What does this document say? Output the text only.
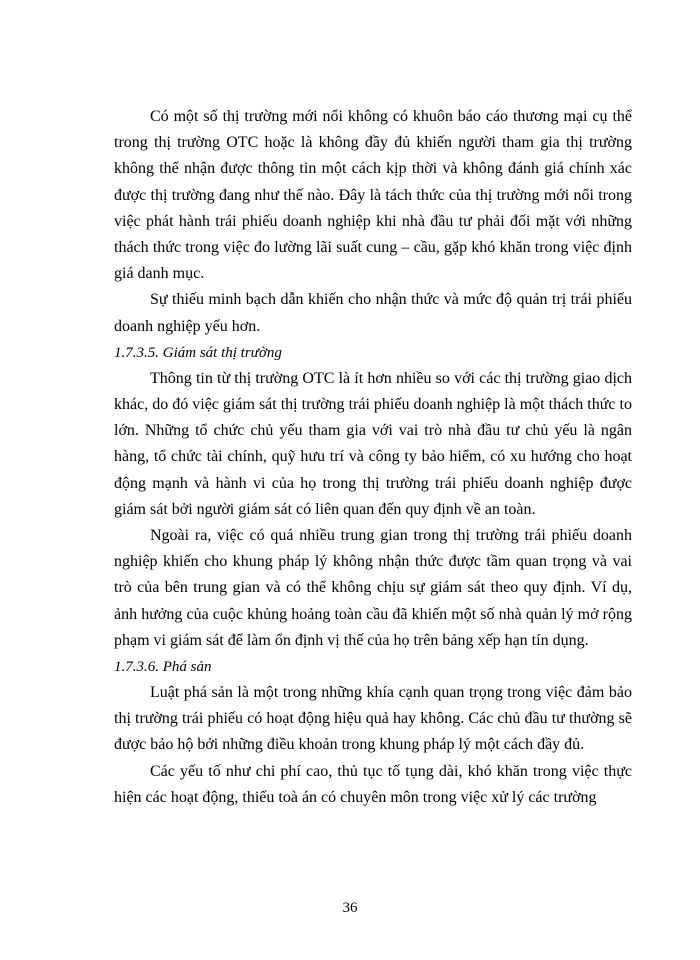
Có một số thị trường mới nổi không có khuôn báo cáo thương mại cụ thể trong thị trường OTC hoặc là không đầy đủ khiến người tham gia thị trường không thể nhận được thông tin một cách kịp thời và không đánh giá chính xác được thị trường đang như thế nào. Đây là tách thức của thị trường mới nổi trong việc phát hành trái phiếu doanh nghiệp khi nhà đầu tư phải đối mặt với những thách thức trong việc đo lường lãi suất cung – cầu, gặp khó khăn trong việc định giá danh mục.

Sự thiếu minh bạch dẫn khiến cho nhận thức và mức độ quản trị trái phiếu doanh nghiệp yếu hơn.

1.7.3.5. Giám sát thị trường

Thông tin từ thị trường OTC là ít hơn nhiều so với các thị trường giao dịch khác, do đó việc giám sát thị trường trái phiếu doanh nghiệp là một thách thức to lớn. Những tổ chức chủ yếu tham gia với vai trò nhà đầu tư chủ yếu là ngân hàng, tổ chức tài chính, quỹ hưu trí và công ty bảo hiểm, có xu hướng cho hoạt động mạnh và hành vi của họ trong thị trường trái phiếu doanh nghiệp được giám sát bởi người giám sát có liên quan đến quy định về an toàn.

Ngoài ra, việc có quá nhiều trung gian trong thị trường trái phiếu doanh nghiệp khiến cho khung pháp lý không nhận thức được tầm quan trọng và vai trò của bên trung gian và có thể không chịu sự giám sát theo quy định. Ví dụ, ảnh hưởng của cuộc khủng hoảng toàn cầu đã khiến một số nhà quản lý mở rộng phạm vi giám sát để làm ổn định vị thế của họ trên bảng xếp hạn tín dụng.

1.7.3.6. Phá sản

Luật phá sản là một trong những khía cạnh quan trọng trong việc đảm bảo thị trường trái phiếu có hoạt động hiệu quả hay không. Các chủ đầu tư thường sẽ được bảo hộ bởi những điều khoản trong khung pháp lý một cách đầy đủ.

Các yếu tố như chi phí cao, thủ tục tố tụng dài, khó khăn trong việc thực hiện các hoạt động, thiếu toà án có chuyên môn trong việc xử lý các trường

36
